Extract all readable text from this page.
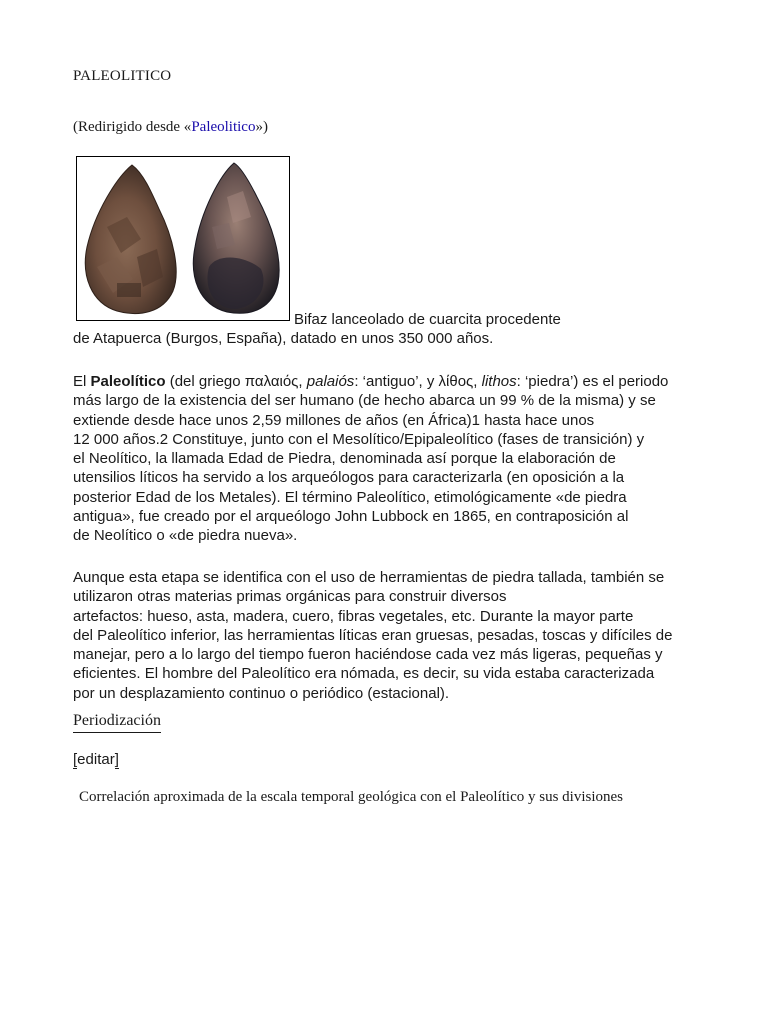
PALEOLITICO
(Redirigido desde «Paleolitico»)
Bifaz lanceolado de cuarcita procedente
de Atapuerca (Burgos, España), datado en unos 350 000 años.
El Paleolítico (del griego παλαιός, palaiós: ‘antiguo’, y λίθος, lithos: ‘piedra’) es el periodo
más largo de la existencia del ser humano (de hecho abarca un 99 % de la misma) y se
extiende desde hace unos 2,59 millones de años (en África)1 hasta hace unos
12 000 años.2 Constituye, junto con el Mesolítico/Epipaleolítico (fases de transición) y
el Neolítico, la llamada Edad de Piedra, denominada así porque la elaboración de
utensilios líticos ha servido a los arqueólogos para caracterizarla (en oposición a la
posterior Edad de los Metales). El término Paleolítico, etimológicamente «de piedra
antigua», fue creado por el arqueólogo John Lubbock en 1865, en contraposición al
de Neolítico o «de piedra nueva».
Aunque esta etapa se identifica con el uso de herramientas de piedra tallada, también se
utilizaron otras materias primas orgánicas para construir diversos
artefactos: hueso, asta, madera, cuero, fibras vegetales, etc. Durante la mayor parte
del Paleolítico inferior, las herramientas líticas eran gruesas, pesadas, toscas y difíciles de
manejar, pero a lo largo del tiempo fueron haciéndose cada vez más ligeras, pequeñas y
eficientes. El hombre del Paleolítico era nómada, es decir, su vida estaba caracterizada
por un desplazamiento continuo o periódico (estacional).
Periodización
[editar]
Correlación aproximada de la escala temporal geológica con el Paleolítico y sus divisiones
